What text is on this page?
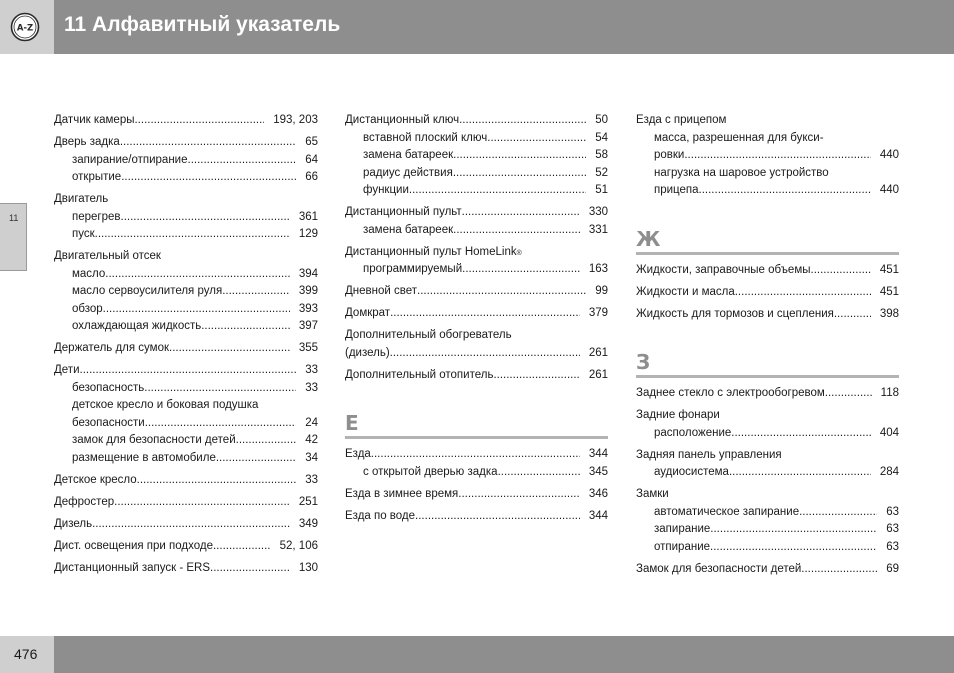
A-Z 11 Алфавитный указатель
11
Датчик камеры .....	193, 203
Дверь задка .....	65
запирание/отпирание .....	64
открытие .....	66
Двигатель
перегрев .....	361
пуск .....	129
Двигательный отсек
масло .....	394
масло сервоусилителя руля .....	399
обзор .....	393
охлаждающая жидкость .....	397
Держатель для сумок .....	355
Дети .....	33
безопасность .....	33
детское кресло и боковая подушка
безопасности .....	24
замок для безопасности детей .....	42
размещение в автомобиле .....	34
Детское кресло .....	33
Дефростер .....	251
Дизель .....	349
Дист. освещения при подходе .....	52, 106
Дистанционный запуск - ERS .....	130
Дистанционный ключ .....	50
вставной плоский ключ .....	54
замена батареек .....	58
радиус действия .....	52
функции .....	51
Дистанционный пульт .....	330
замена батареек .....	331
Дистанционный пульт HomeLink ®
программируемый .....	163
Дневной свет .....	99
Домкрат .....	379
Дополнительный обогреватель
(дизель) .....	261
Дополнительный отопитель .....	261
Е
Езда .....	344
с открытой дверью задка .....	345
Езда в зимнее время .....	346
Езда по воде .....	344
Езда с прицепом
масса, разрешенная для букси-
ровки .....	440
нагрузка на шаровое устройство
прицепа .....	440
Ж
Жидкости, заправочные объемы .....	451
Жидкости и масла .....	451
Жидкость для тормозов и сцепления .....	398
З
Заднее стекло с электрообогревом .....	118
Задние фонари
расположение .....	404
Задняя панель управления
аудиосистема .....	284
Замки
автоматическое запирание .....	63
запирание .....	63
отпирание .....	63
Замок для безопасности детей .....	69
476
